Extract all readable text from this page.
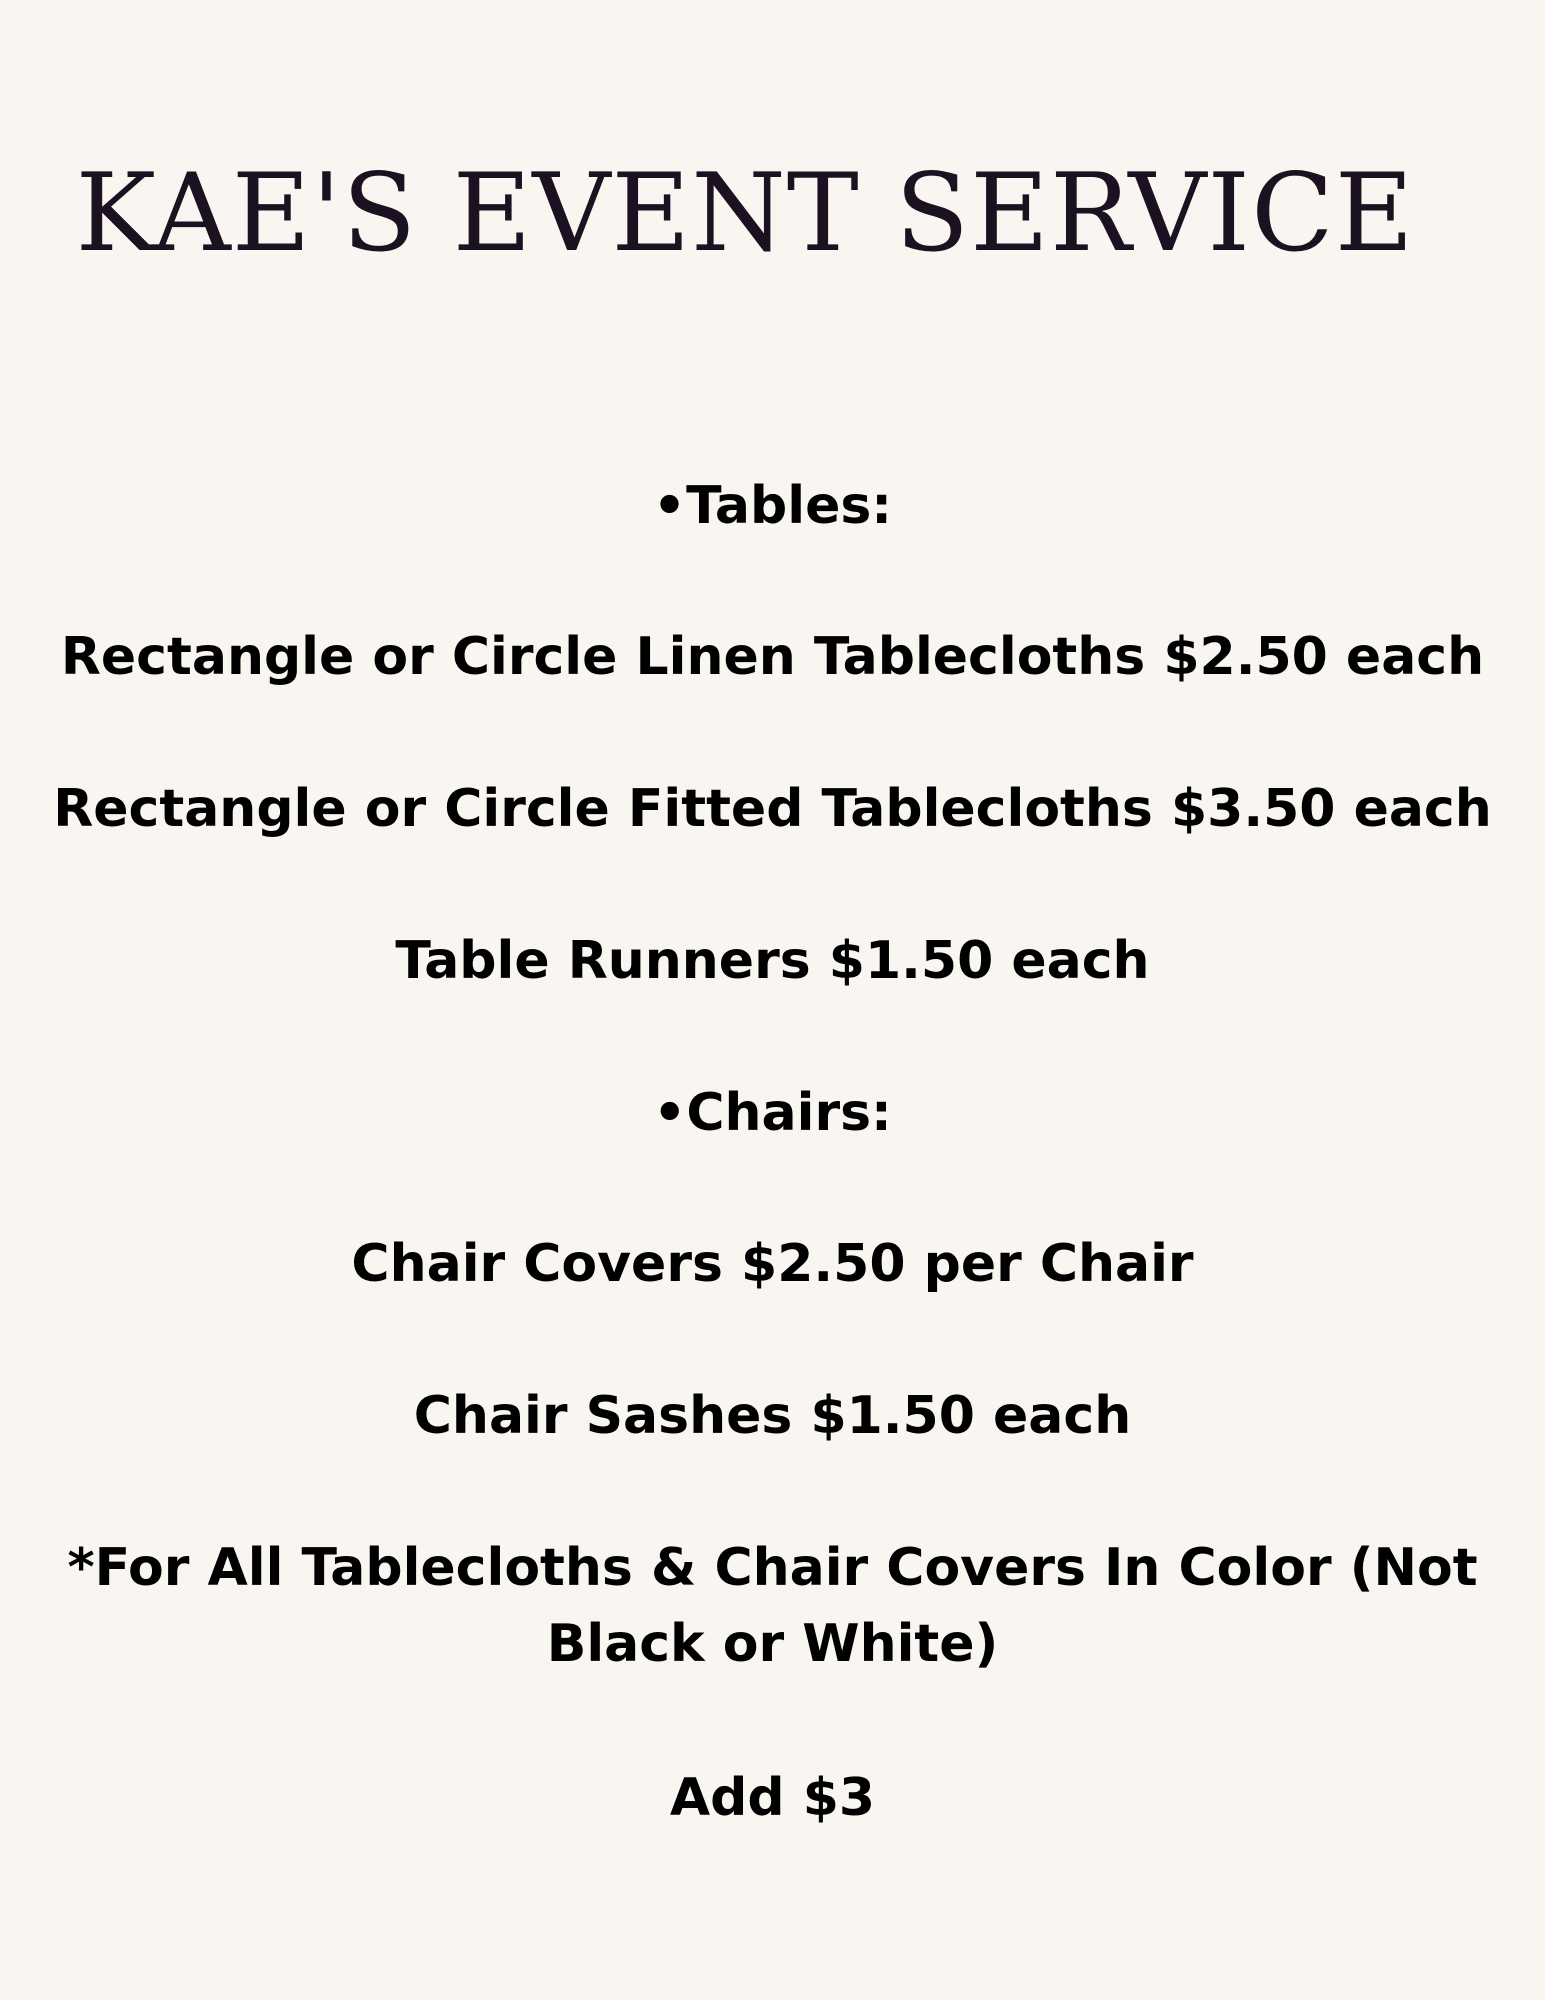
KAE'S EVENT SERVICE

•Tables:

Rectangle or Circle Linen Tablecloths $2.50 each

Rectangle or Circle Fitted Tablecloths $3.50 each

Table Runners $1.50 each

•Chairs:

Chair Covers $2.50 per Chair

Chair Sashes $1.50 each

*For All Tablecloths & Chair Covers In Color (Not Black or White)

Add $3
